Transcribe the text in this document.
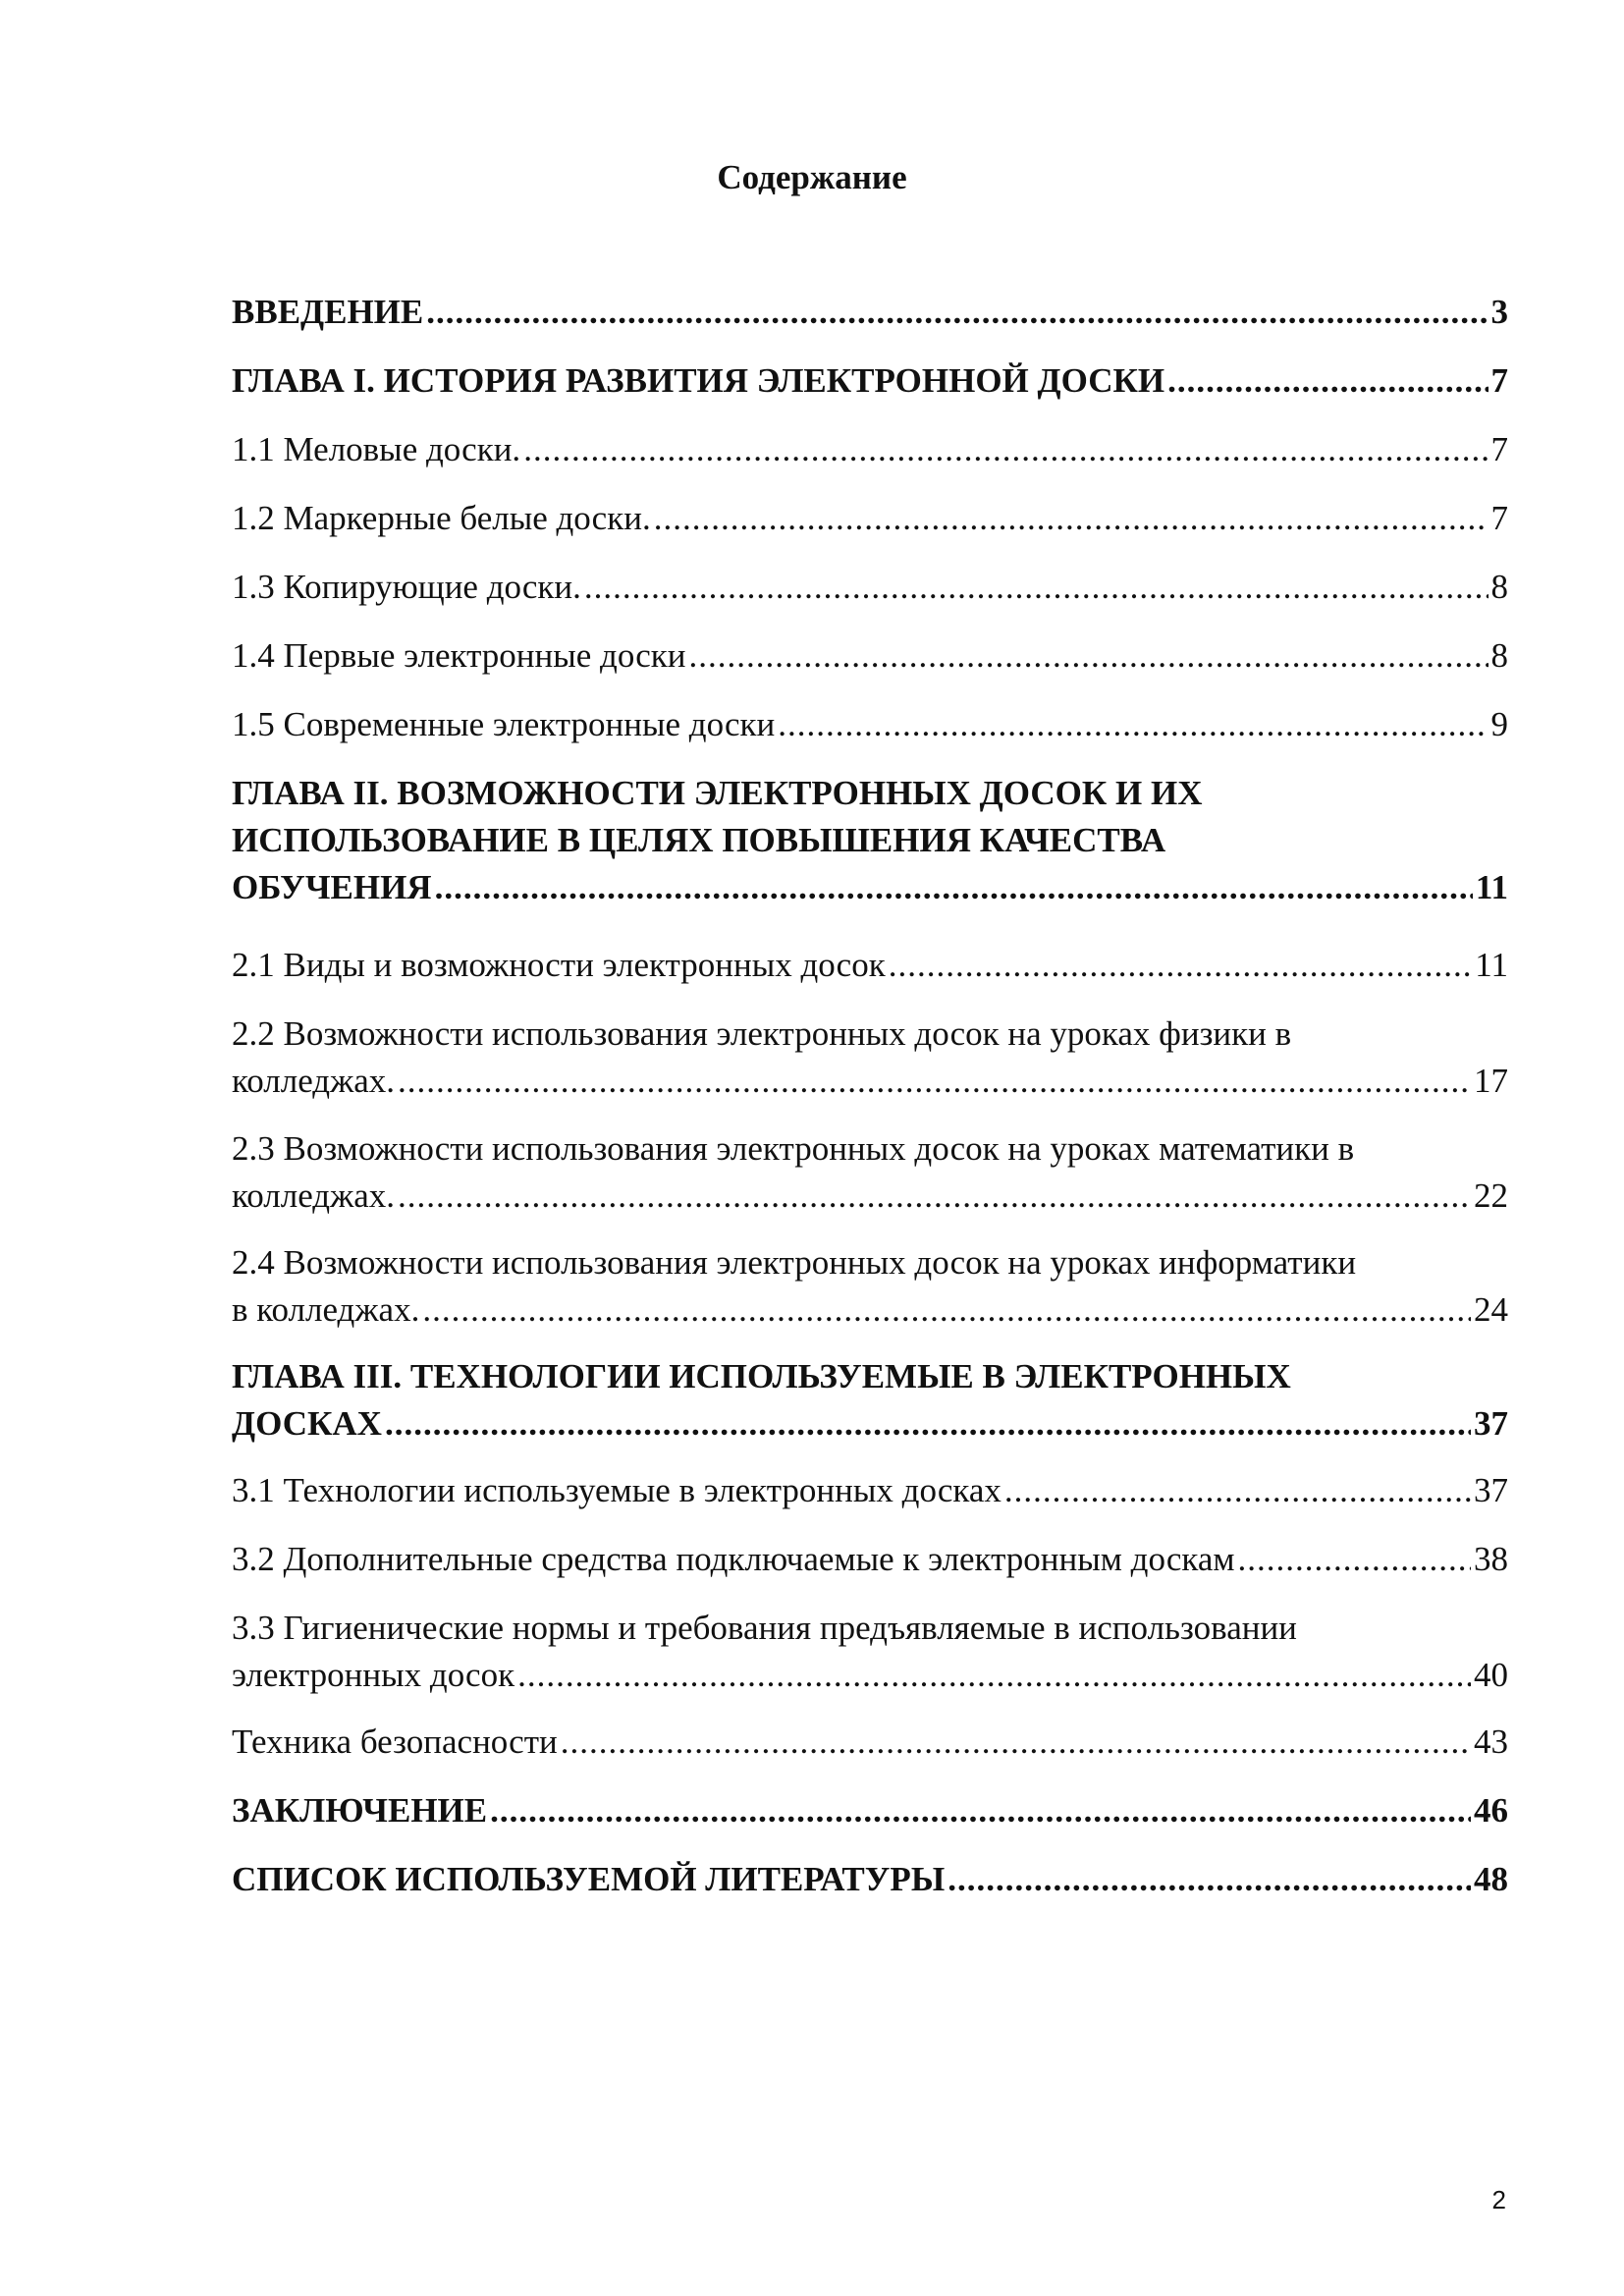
Содержание
ВВЕДЕНИЕ .....	3
ГЛАВА I. ИСТОРИЯ РАЗВИТИЯ ЭЛЕКТРОННОЙ ДОСКИ .....	7
1.1 Меловые доски. .....	7
1.2 Маркерные белые доски. .....	7
1.3 Копирующие доски. .....	8
1.4 Первые электронные доски .....	8
1.5 Современные электронные доски .....	9
ГЛАВА II. ВОЗМОЖНОСТИ ЭЛЕКТРОННЫХ ДОСОК И ИХ
ИСПОЛЬЗОВАНИЕ В ЦЕЛЯХ ПОВЫШЕНИЯ КАЧЕСТВА
ОБУЧЕНИЯ .....	11
2.1 Виды и возможности электронных досок .....	11
2.2 Возможности использования электронных досок на уроках физики в
колледжах. .....	17
2.3 Возможности использования электронных досок на уроках математики в
колледжах. .....	22
2.4 Возможности использования электронных досок на уроках информатики
в колледжах. .....	24
ГЛАВА III. ТЕХНОЛОГИИ ИСПОЛЬЗУЕМЫЕ В ЭЛЕКТРОННЫХ
ДОСКАХ .....	37
3.1 Технологии используемые в электронных досках .....	37
3.2 Дополнительные средства подключаемые к электронным доскам .....	38
3.3 Гигиенические нормы и требования предъявляемые в использовании
электронных досок .....	40
Техника безопасности .....	43
ЗАКЛЮЧЕНИЕ .....	46
СПИСОК ИСПОЛЬЗУЕМОЙ ЛИТЕРАТУРЫ .....	48
2
